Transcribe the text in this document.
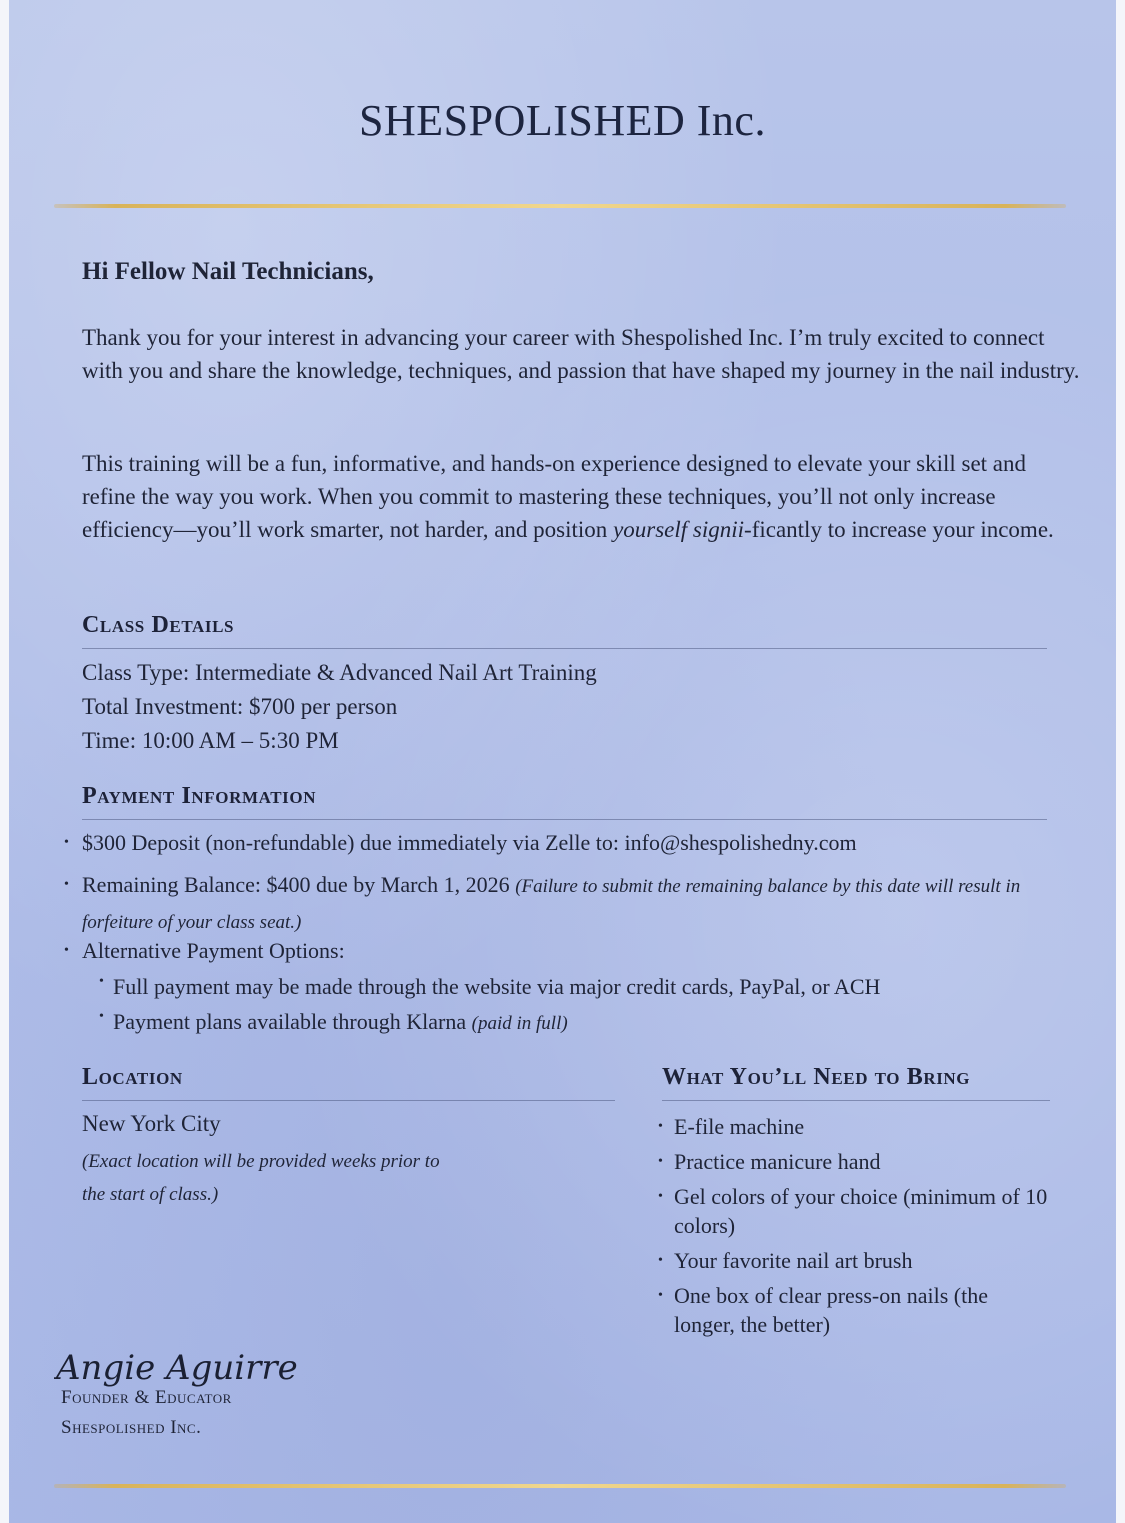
SHESPOLISHED Inc.

Hi Fellow Nail Technicians,

Thank you for your interest in advancing your career with Shespolished Inc. I’m truly excited to connect with you and share the knowledge, techniques, and passion that have shaped my journey in the nail industry.

This training will be a fun, informative, and hands-on experience designed to elevate your skill set and refine the way you work. When you commit to mastering these techniques, you’ll not only increase efficiency—you’ll work smarter, not harder, and position yourself signii-ficantly to increase your income.

Class Details

Class Type: Intermediate & Advanced Nail Art Training

Total Investment: $700 per person

Time: 10:00 AM – 5:30 PM

Payment Information

• $300 Deposit (non-refundable) due immediately via Zelle to: info@shespolishedny.com

• Remaining Balance: $400 due by March 1, 2026 (Failure to submit the remaining balance by this date will result in forfeiture of your class seat.)

• Alternative Payment Options:

• Full payment may be made through the website via major credit cards, PayPal, or ACH

• Payment plans available through Klarna (paid in full)

Location

New York City

(Exact location will be provided weeks prior to

the start of class.)

What You’ll Need to Bring

• E-file machine

• Practice manicure hand

• Gel colors of your choice (minimum of 10 colors)

• Your favorite nail art brush

• One box of clear press-on nails (the longer, the better)

Angie Aguirre

Founder & Educator
Shespolished Inc.
